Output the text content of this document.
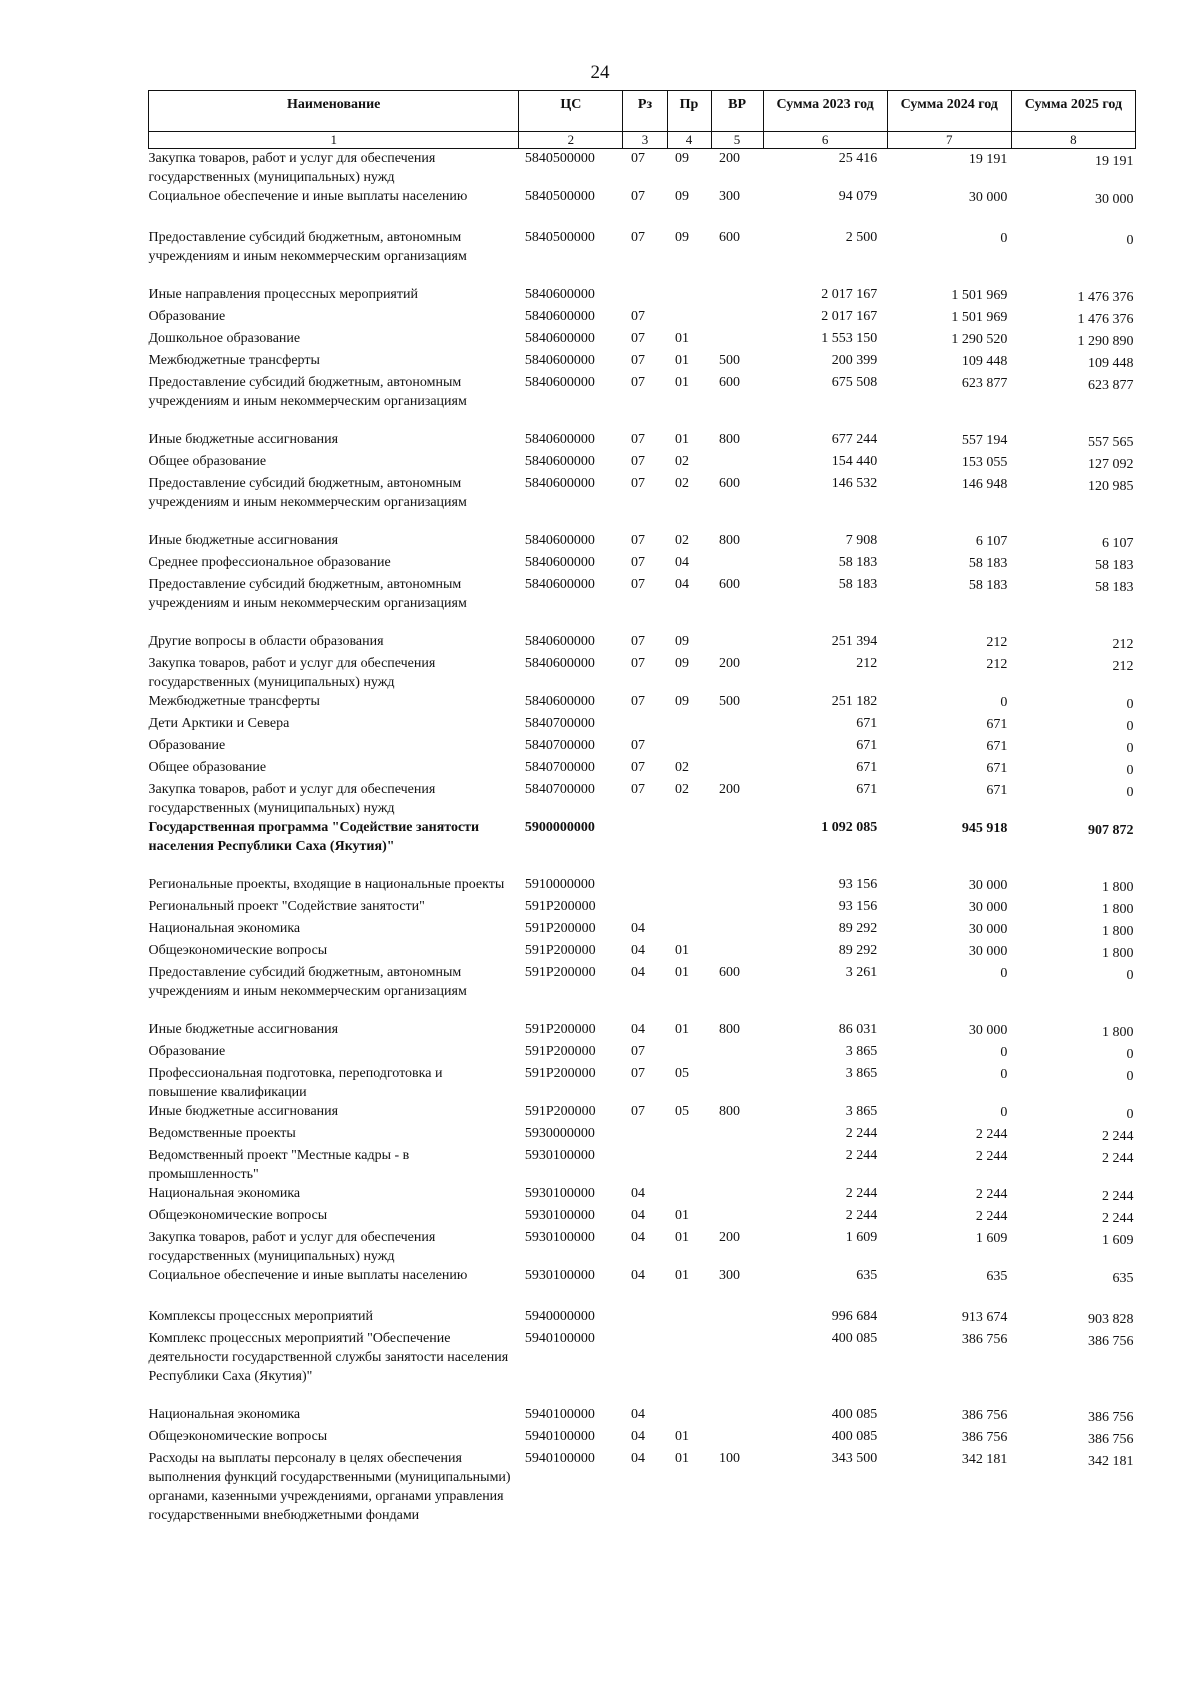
24
Наименование	ЦС	Рз	Пр	ВР	Сумма 2023 год	Сумма 2024 год	Сумма 2025 год
1	2	3	4	5	6	7	8
Закупка товаров, работ и услуг для обеспечения государственных (муниципальных) нужд	5840500000	07	09	200	25 416	19 191	19 191
Социальное обеспечение и иные выплаты населению	5840500000	07	09	300	94 079	30 000	30 000
Предоставление субсидий бюджетным, автономным учреждениям и иным некоммерческим организациям	5840500000	07	09	600	2 500	0	0
Иные направления процессных мероприятий	5840600000				2 017 167	1 501 969	1 476 376
Образование	5840600000	07			2 017 167	1 501 969	1 476 376
Дошкольное образование	5840600000	07	01		1 553 150	1 290 520	1 290 890
Межбюджетные трансферты	5840600000	07	01	500	200 399	109 448	109 448
Предоставление субсидий бюджетным, автономным учреждениям и иным некоммерческим организациям	5840600000	07	01	600	675 508	623 877	623 877
Иные бюджетные ассигнования	5840600000	07	01	800	677 244	557 194	557 565
Общее образование	5840600000	07	02		154 440	153 055	127 092
Предоставление субсидий бюджетным, автономным учреждениям и иным некоммерческим организациям	5840600000	07	02	600	146 532	146 948	120 985
Иные бюджетные ассигнования	5840600000	07	02	800	7 908	6 107	6 107
Среднее профессиональное образование	5840600000	07	04		58 183	58 183	58 183
Предоставление субсидий бюджетным, автономным учреждениям и иным некоммерческим организациям	5840600000	07	04	600	58 183	58 183	58 183
Другие вопросы в области образования	5840600000	07	09		251 394	212	212
Закупка товаров, работ и услуг для обеспечения государственных (муниципальных) нужд	5840600000	07	09	200	212	212	212
Межбюджетные трансферты	5840600000	07	09	500	251 182	0	0
Дети Арктики и Севера	5840700000				671	671	0
Образование	5840700000	07			671	671	0
Общее образование	5840700000	07	02		671	671	0
Закупка товаров, работ и услуг для обеспечения государственных (муниципальных) нужд	5840700000	07	02	200	671	671	0
Государственная программа "Содействие занятости населения Республики Саха (Якутия)"	5900000000				1 092 085	945 918	907 872
Региональные проекты, входящие в национальные проекты	5910000000				93 156	30 000	1 800
Региональный проект "Содействие занятости"	591P200000				93 156	30 000	1 800
Национальная экономика	591P200000	04			89 292	30 000	1 800
Общеэкономические вопросы	591P200000	04	01		89 292	30 000	1 800
Предоставление субсидий бюджетным, автономным учреждениям и иным некоммерческим организациям	591P200000	04	01	600	3 261	0	0
Иные бюджетные ассигнования	591P200000	04	01	800	86 031	30 000	1 800
Образование	591P200000	07			3 865	0	0
Профессиональная подготовка, переподготовка и повышение квалификации	591P200000	07	05		3 865	0	0
Иные бюджетные ассигнования	591P200000	07	05	800	3 865	0	0
Ведомственные проекты	5930000000				2 244	2 244	2 244
Ведомственный проект "Местные кадры - в промышленность"	5930100000				2 244	2 244	2 244
Национальная экономика	5930100000	04			2 244	2 244	2 244
Общеэкономические вопросы	5930100000	04	01		2 244	2 244	2 244
Закупка товаров, работ и услуг для обеспечения государственных (муниципальных) нужд	5930100000	04	01	200	1 609	1 609	1 609
Социальное обеспечение и иные выплаты населению	5930100000	04	01	300	635	635	635
Комплексы процессных мероприятий	5940000000				996 684	913 674	903 828
Комплекс процессных мероприятий "Обеспечение деятельности государственной службы занятости населения Республики Саха (Якутия)"	5940100000				400 085	386 756	386 756
Национальная экономика	5940100000	04			400 085	386 756	386 756
Общеэкономические вопросы	5940100000	04	01		400 085	386 756	386 756
Расходы на выплаты персоналу в целях обеспечения выполнения функций государственными (муниципальными) органами, казенными учреждениями, органами управления государственными внебюджетными фондами	5940100000	04	01	100	343 500	342 181	342 181
